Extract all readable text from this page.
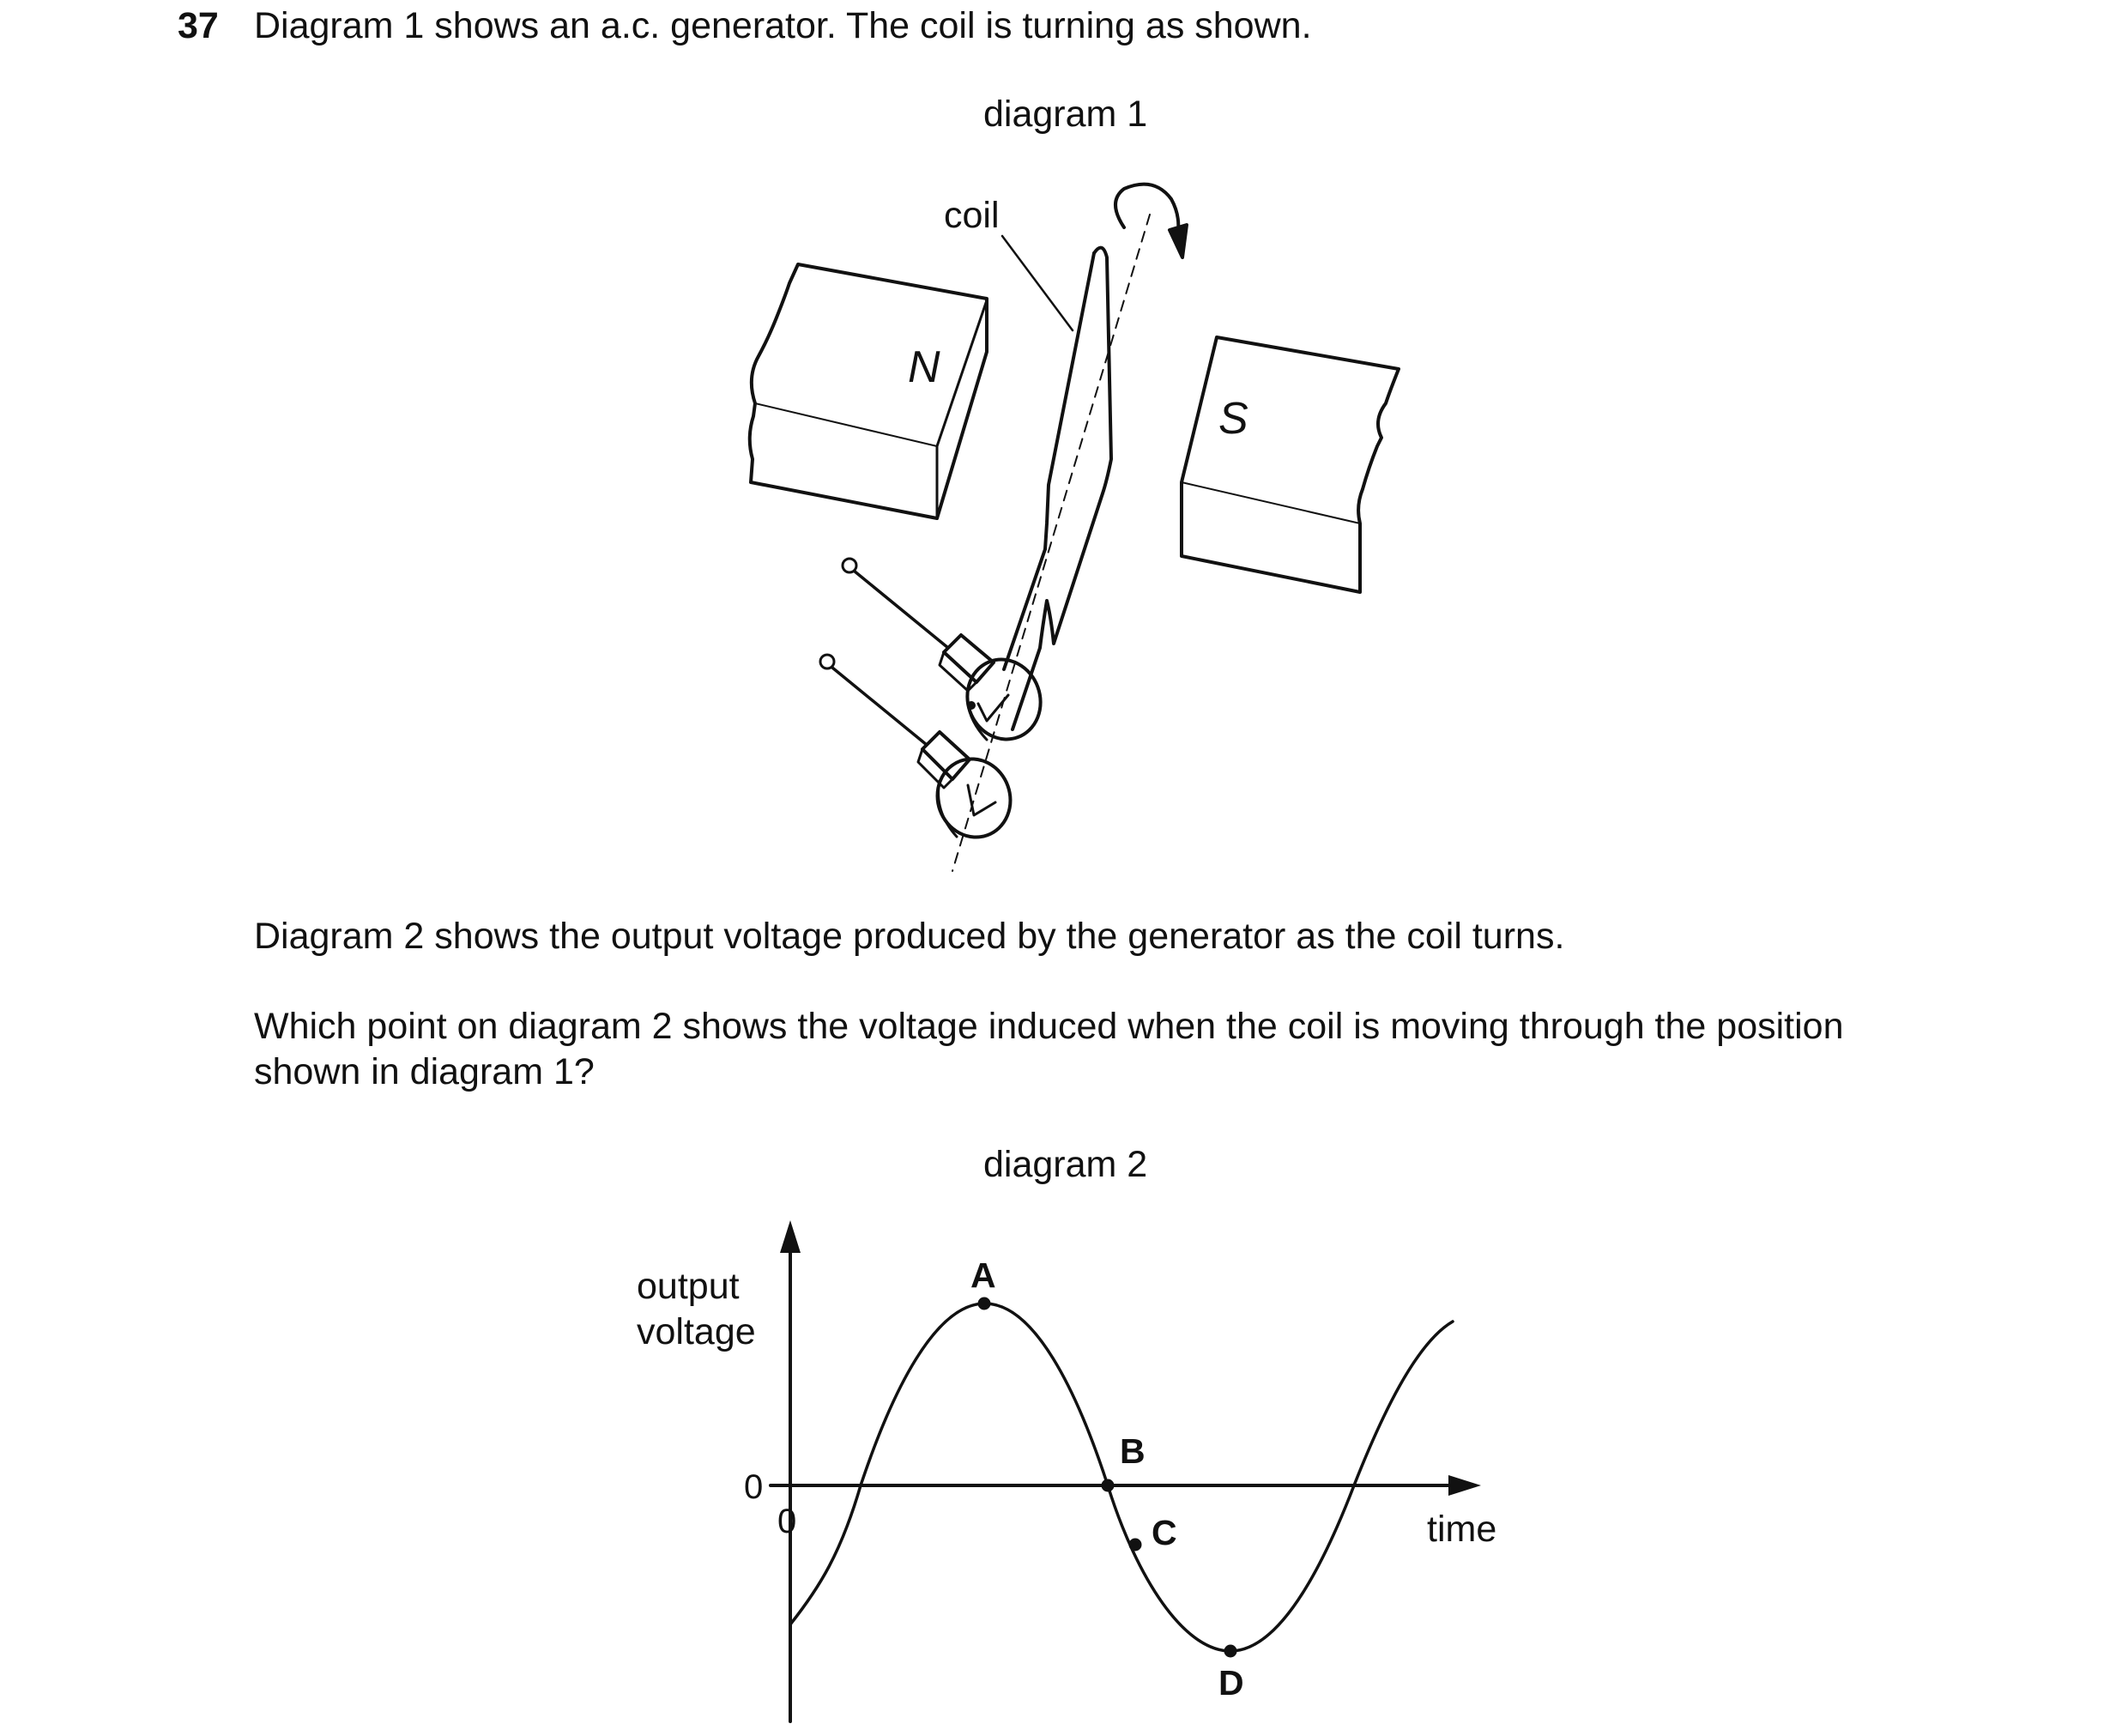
37 Diagram 1 shows an a.c. generator. The coil is turning as shown.
diagram 1
Diagram 2 shows the output voltage produced by the generator as the coil turns.
Which point on diagram 2 shows the voltage induced when the coil is moving through the position
shown in diagram 1?
diagram 2
coil
N
S
A
B
C
D
output
voltage
0
0	time
